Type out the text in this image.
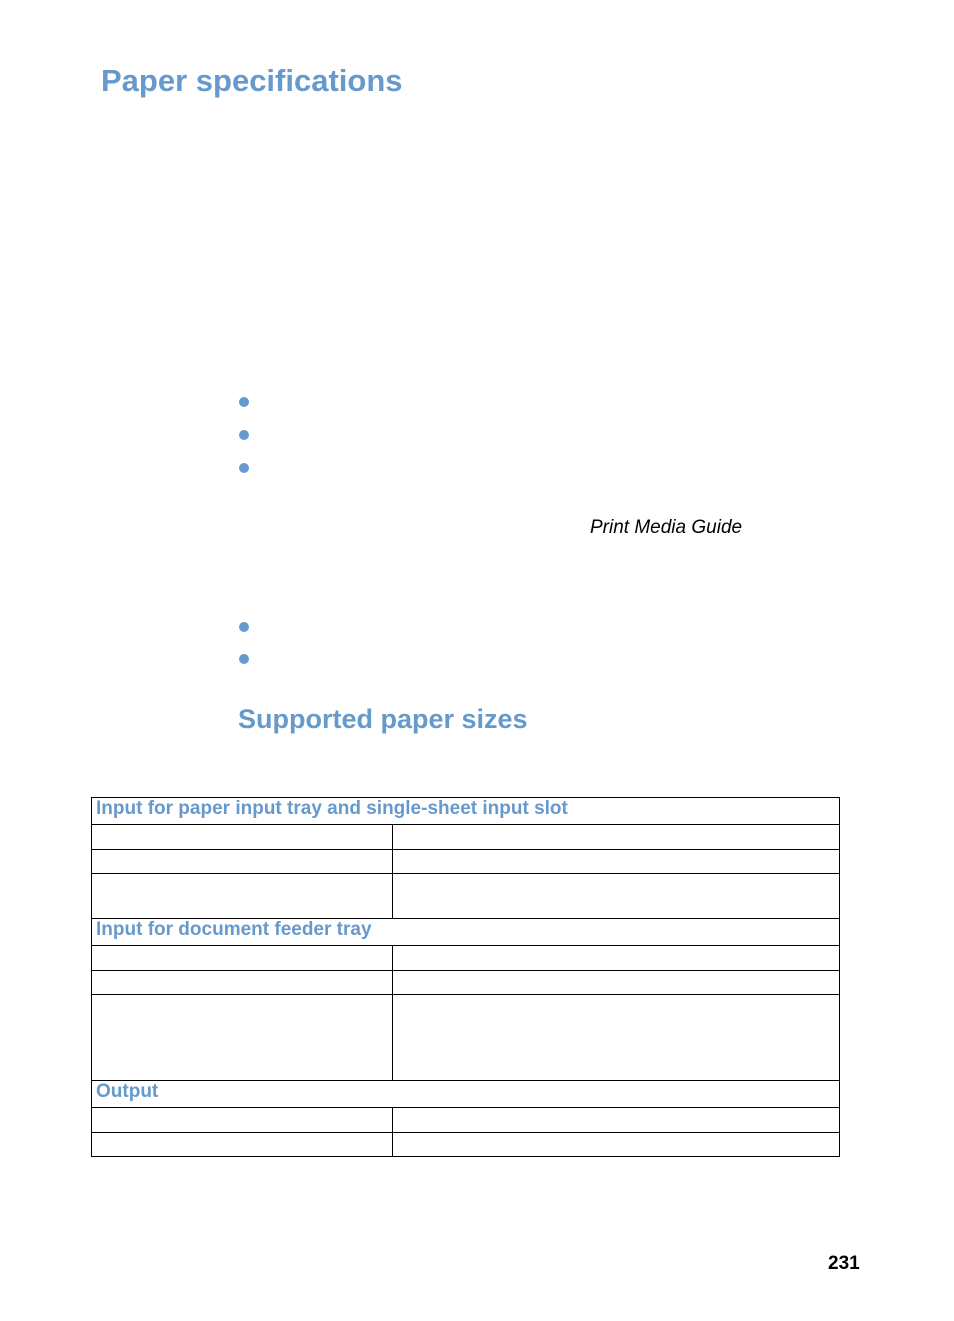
Paper specifications
Print Media Guide
Supported paper sizes
Input for paper input tray and single-sheet input slot	

Input for document feeder tray	

Output	

231
